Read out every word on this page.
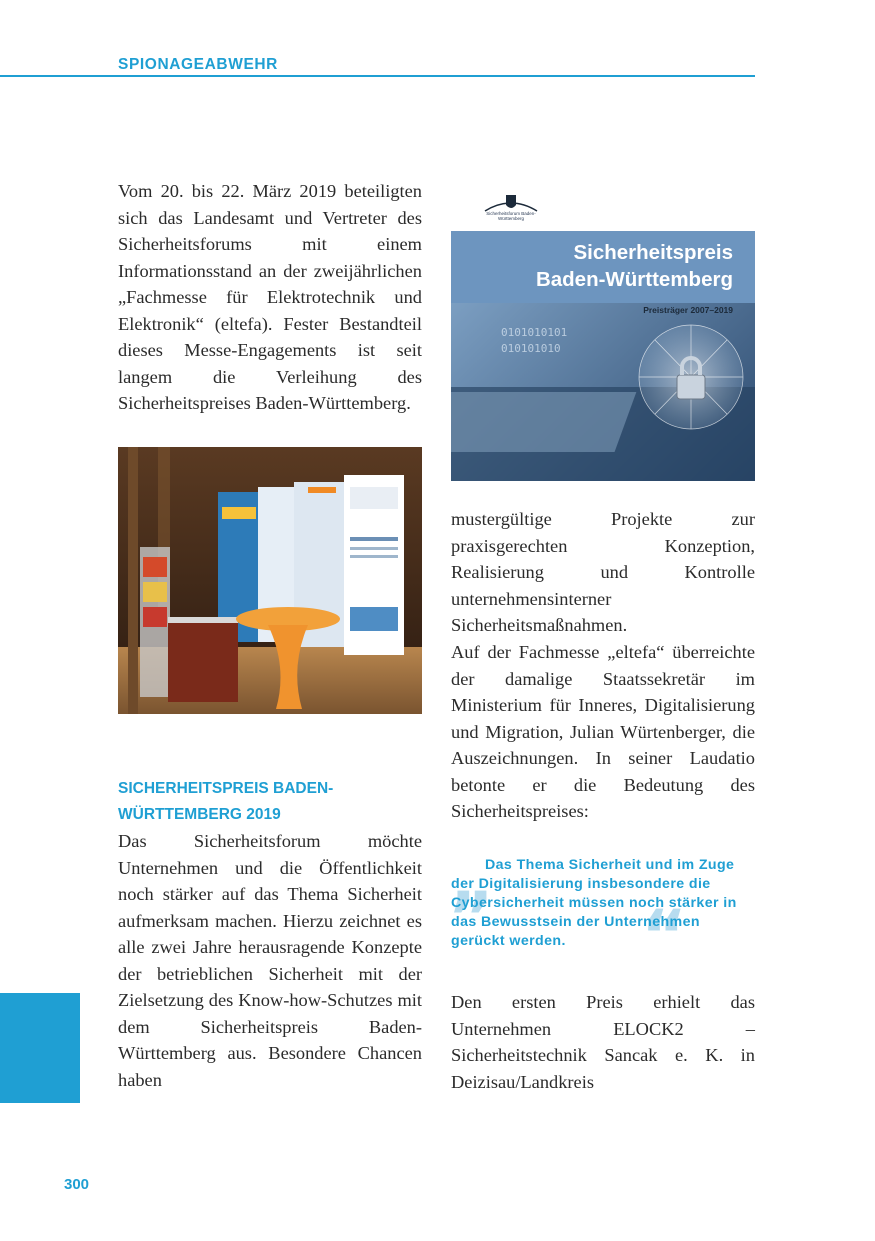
SPIONAGEABWEHR

Vom 20. bis 22. März 2019 beteiligten sich das Landesamt und Vertreter des Sicherheitsforums mit einem Informationsstand an der zweijährlichen „Fachmesse für Elektrotechnik und Elektronik“ (eltefa). Fester Bestandteil dieses Messe-Engagements ist seit langem die Verleihung des Sicherheitspreises Baden-Württemberg.

Sicherheitsforum Baden-Württemberg
Sicherheitspreis
Baden-Württemberg
Preisträger 2007–2019
0101010101
010101010
SICHERHEITSPREIS BADEN-WÜRTTEMBERG 2019

Das Sicherheitsforum möchte Unternehmen und die Öffentlichkeit noch stärker auf das Thema Sicherheit aufmerksam machen. Hierzu zeichnet es alle zwei Jahre herausragende Konzepte der betrieblichen Sicherheit mit der Zielsetzung des Know-how-Schutzes mit dem Sicherheitspreis Baden-Württemberg aus. Besondere Chancen haben

mustergültige Projekte zur praxisgerechten Konzeption, Realisierung und Kontrolle unternehmensinterner Sicherheitsmaßnahmen.

Auf der Fachmesse „eltefa“ überreichte der damalige Staatssekretär im Ministerium für Inneres, Digitalisierung und Migration, Julian Würtenberger, die Auszeichnungen. In seiner Laudatio betonte er die Bedeutung des Sicherheitspreises:

„
“
Das Thema Sicherheit und im Zuge der Digitalisierung insbesondere die Cybersicherheit müssen noch stärker in das Bewusstsein der Unternehmen gerückt werden.

Den ersten Preis erhielt das Unternehmen ELOCK2 – Sicherheitstechnik Sancak e. K. in Deizisau/Landkreis

300
